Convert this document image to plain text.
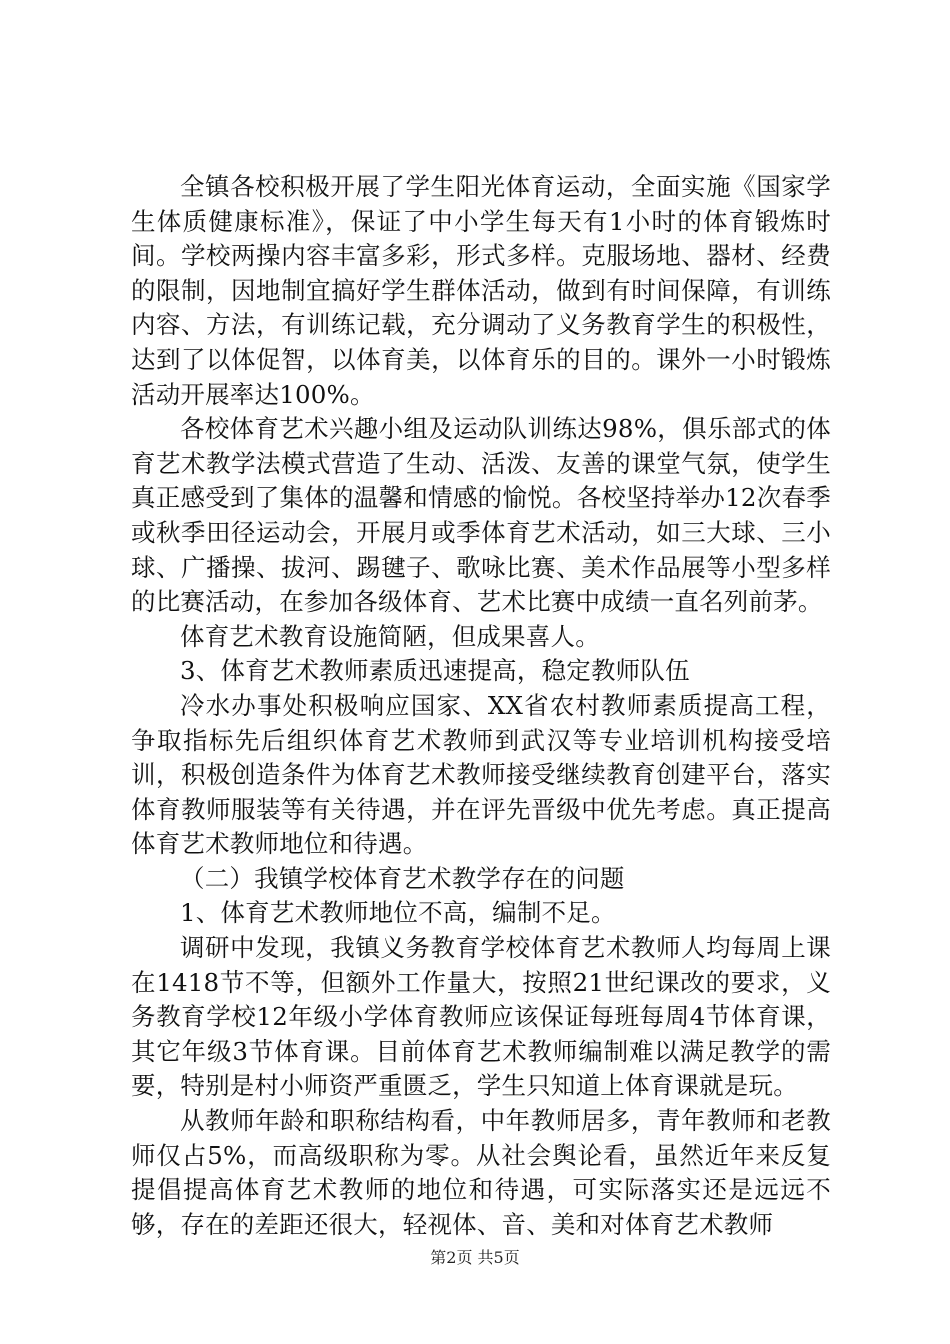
全镇各校积极开展了学生阳光体育运动，全面实施《国家学生体质健康标准》，保证了中小学生每天有1小时的体育锻炼时间。学校两操内容丰富多彩，形式多样。克服场地、器材、经费的限制，因地制宜搞好学生群体活动，做到有时间保障，有训练内容、方法，有训练记载，充分调动了义务教育学生的积极性，达到了以体促智，以体育美，以体育乐的目的。课外一小时锻炼活动开展率达100%。

各校体育艺术兴趣小组及运动队训练达98%，俱乐部式的体育艺术教学法模式营造了生动、活泼、友善的课堂气氛，使学生真正感受到了集体的温馨和情感的愉悦。各校坚持举办12次春季或秋季田径运动会，开展月或季体育艺术活动，如三大球、三小球、广播操、拔河、踢毽子、歌咏比赛、美术作品展等小型多样的比赛活动，在参加各级体育、艺术比赛中成绩一直名列前茅。

体育艺术教育设施简陋，但成果喜人。

3、体育艺术教师素质迅速提高，稳定教师队伍

冷水办事处积极响应国家、XX省农村教师素质提高工程，争取指标先后组织体育艺术教师到武汉等专业培训机构接受培训，积极创造条件为体育艺术教师接受继续教育创建平台，落实体育教师服装等有关待遇，并在评先晋级中优先考虑。真正提高体育艺术教师地位和待遇。

（二）我镇学校体育艺术教学存在的问题

1、体育艺术教师地位不高，编制不足。

调研中发现，我镇义务教育学校体育艺术教师人均每周上课在1418节不等，但额外工作量大，按照21世纪课改的要求，义务教育学校12年级小学体育教师应该保证每班每周4节体育课，其它年级3节体育课。目前体育艺术教师编制难以满足教学的需要，特别是村小师资严重匮乏，学生只知道上体育课就是玩。

从教师年龄和职称结构看，中年教师居多，青年教师和老教师仅占5%，而高级职称为零。从社会舆论看，虽然近年来反复提倡提高体育艺术教师的地位和待遇，可实际落实还是远远不够，存在的差距还很大，轻视体、音、美和对体育艺术教师

第2页 共5页
